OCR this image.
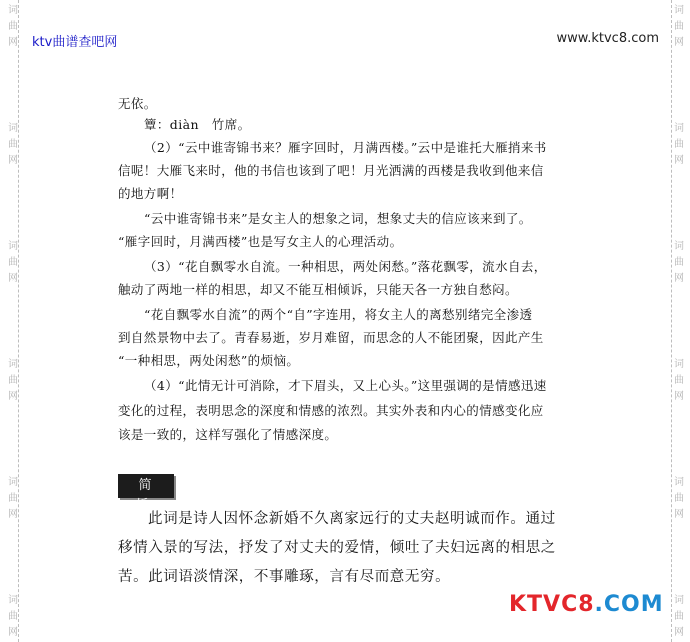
词
曲
网
词
曲
网
词
曲
网
词
曲
网
词
曲
网
词
曲
网
词
曲
网
词
曲
网
词
曲
网
词
曲
网
词
曲
网
词
曲
网
ktv曲谱查吧网	www.ktvc8.com
无依。
簟：diàn　竹席。
（2）“云中谁寄锦书来？雁字回时，月满西楼。”云中是谁托大雁捎来书
信呢！大雁飞来时，他的书信也该到了吧！月光洒满的西楼是我收到他来信
的地方啊！
“云中谁寄锦书来”是女主人的想象之词，想象丈夫的信应该来到了。
“雁字回时，月满西楼”也是写女主人的心理活动。
（3）“花自飘零水自流。一种相思，两处闲愁。”落花飘零，流水自去，
触动了两地一样的相思，却又不能互相倾诉，只能天各一方独自愁闷。
“花自飘零水自流”的两个“自”字连用，将女主人的离愁别绪完全渗透
到自然景物中去了。青春易逝，岁月难留，而思念的人不能团聚，因此产生
“一种相思，两处闲愁”的烦恼。
（4）“此情无计可消除，才下眉头，又上心头。”这里强调的是情感迅速
变化的过程，表明思念的深度和情感的浓烈。其实外表和内心的情感变化应
该是一致的，这样写强化了情感深度。
简　析
此词是诗人因怀念新婚不久离家远行的丈夫赵明诚而作。通过
移情入景的写法，抒发了对丈夫的爱情，倾吐了夫妇远离的相思之
苦。此词语淡情深，不事雕琢，言有尽而意无穷。
KTVC8.COM
